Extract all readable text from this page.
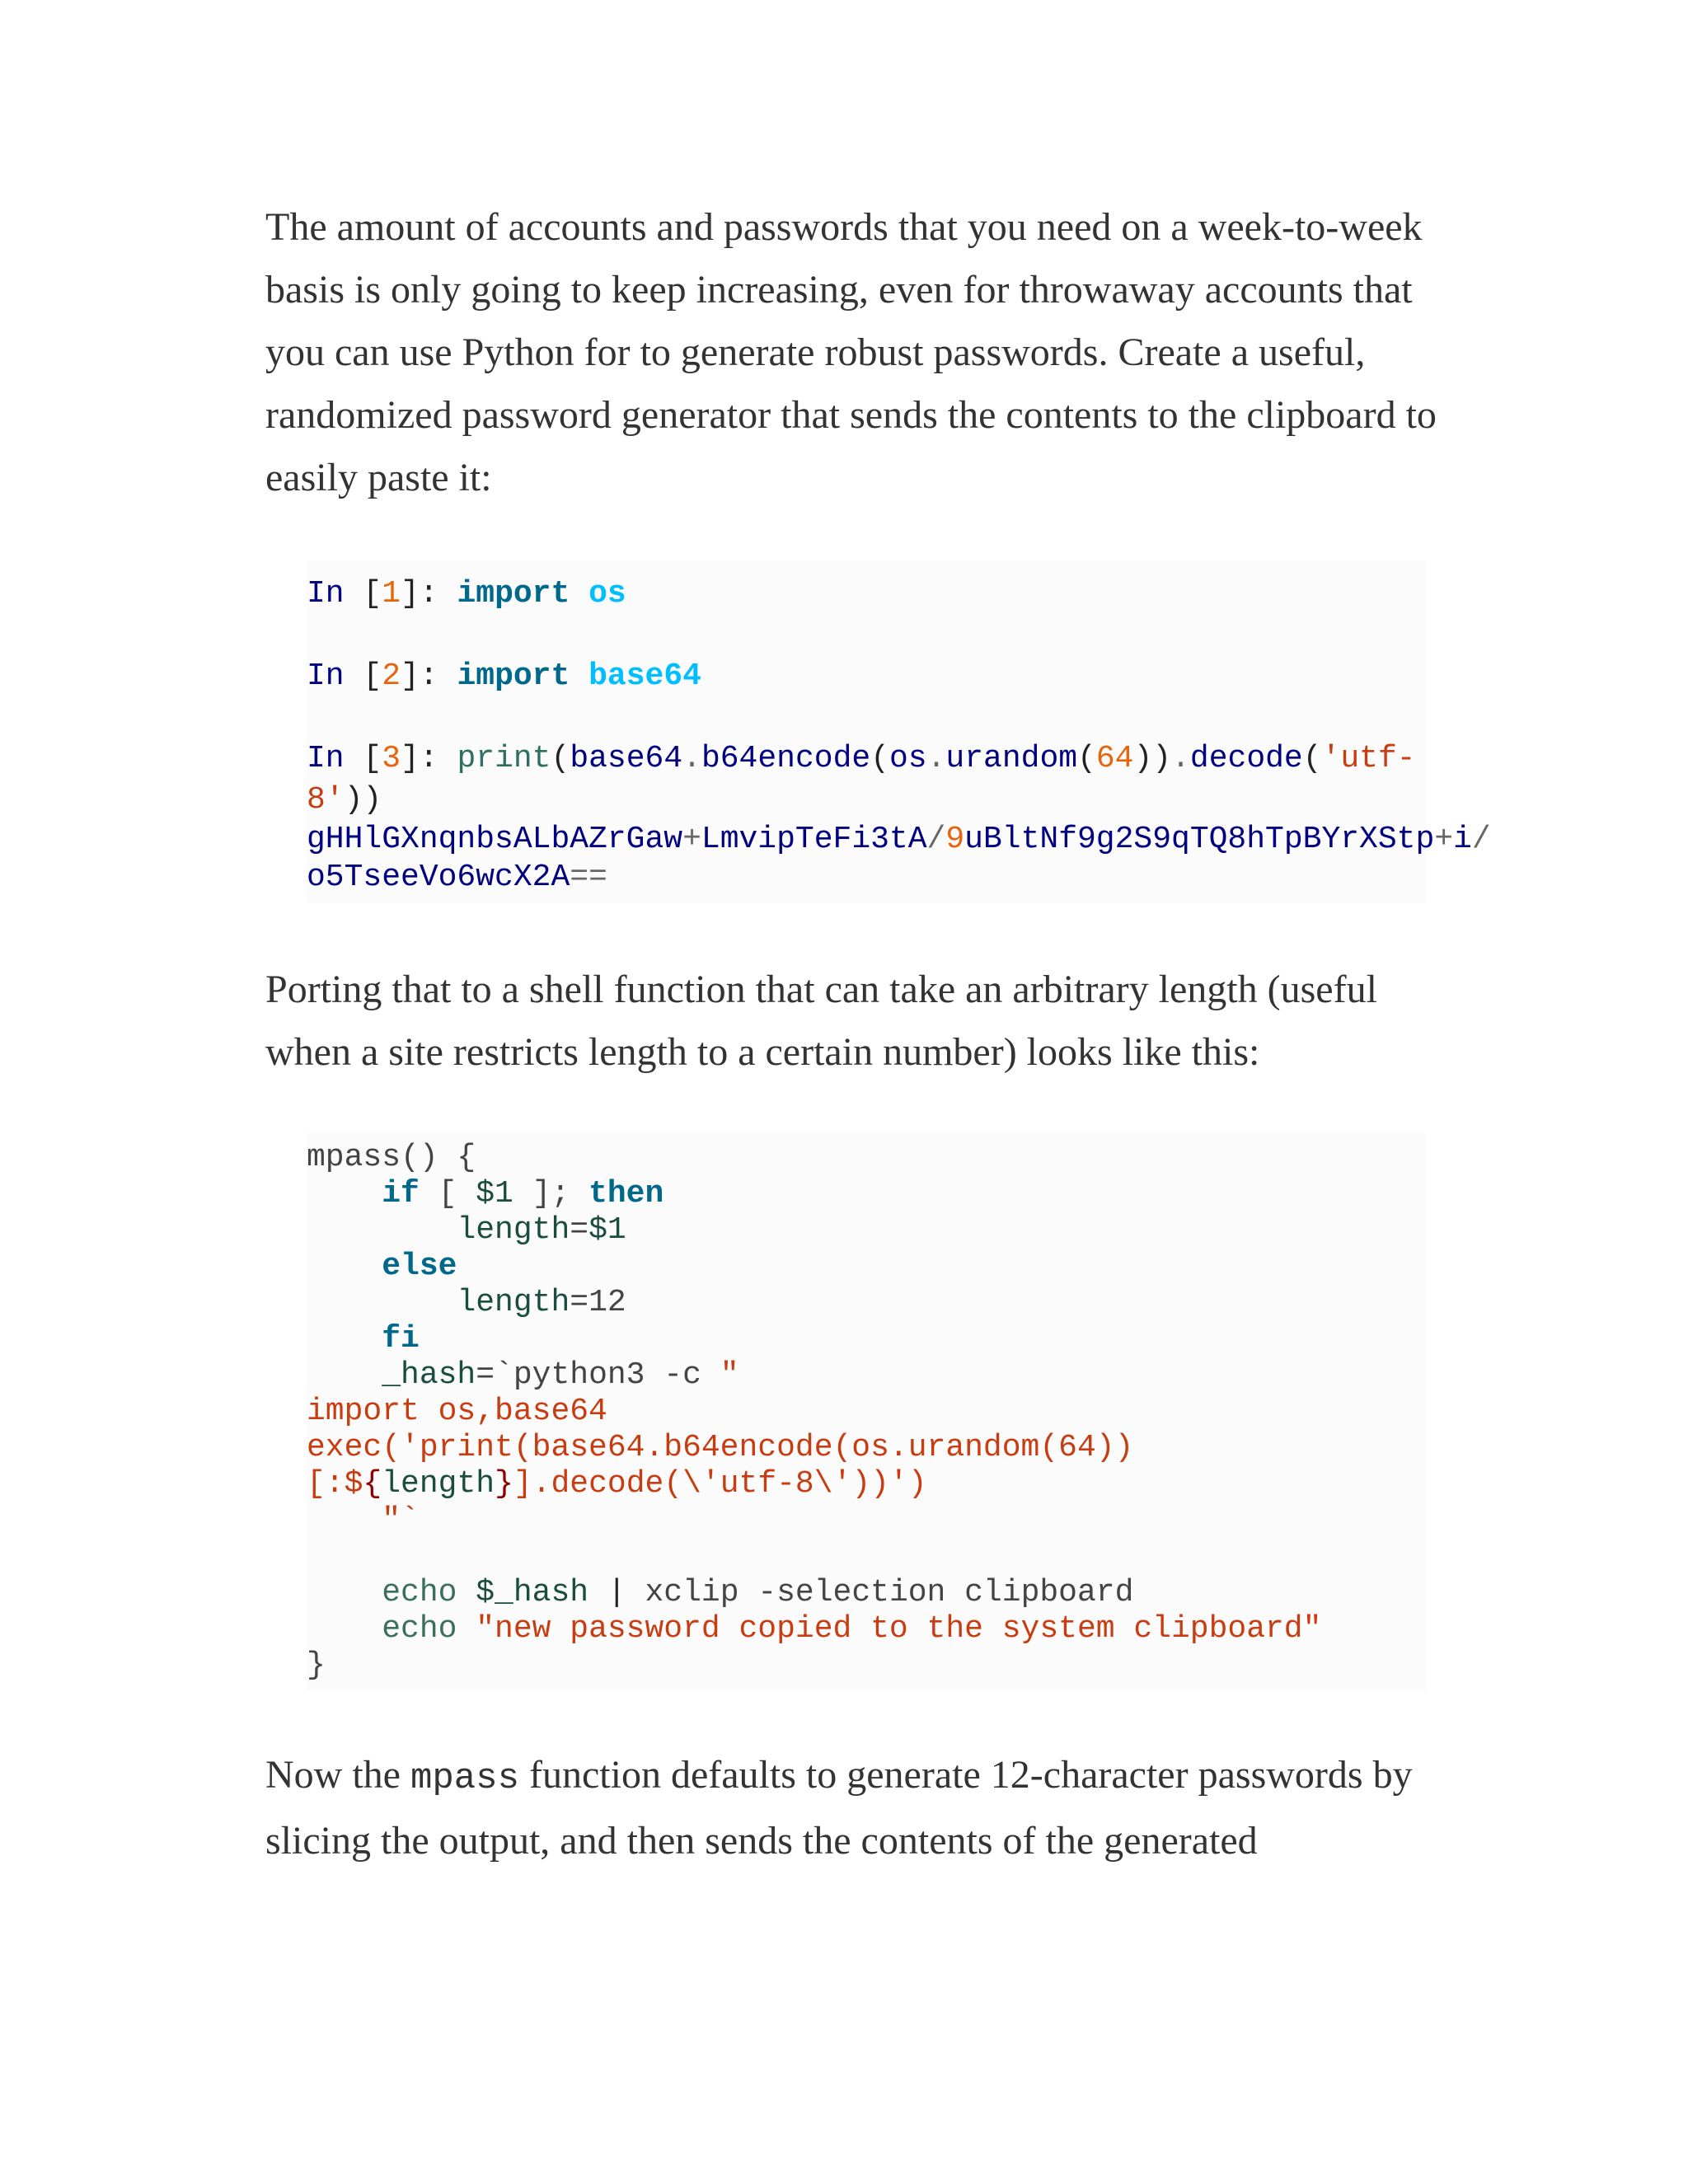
The amount of accounts and passwords that you need on a week-to-week basis is only going to keep increasing, even for throwaway accounts that you can use Python for to generate robust passwords. Create a useful, randomized password generator that sends the contents to the clipboard to easily paste it:

In [1]: import os
In [2]: import base64
In [3]: print(base64.b64encode(os.urandom(64)).decode('utf-
8'))
gHHlGXnqnbsALbAZrGaw+LmvipTeFi3tA/9uBltNf9g2S9qTQ8hTpBYrXStp+i/
o5TseeVo6wcX2A==

Porting that to a shell function that can take an arbitrary length (useful when a site restricts length to a certain number) looks like this:

mpass() {
if [ $1 ]; then
length=$1
else
length=12
fi
_hash=`python3 -c "
import os,base64
exec('print(base64.b64encode(os.urandom(64))
[:${length}].decode(\'utf-8\'))')
"`
echo $_hash | xclip -selection clipboard
echo "new password copied to the system clipboard"
}

Now the mpass function defaults to generate 12-character passwords by slicing the output, and then sends the contents of the generated
